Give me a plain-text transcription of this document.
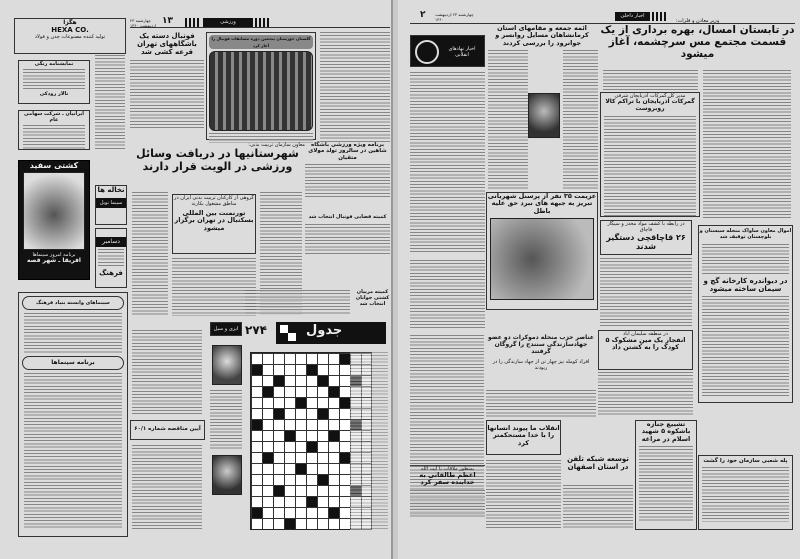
هگزا
HEXA CO.
تولید کننده مصنوعات چدن و فولاد
نمایشنامه رنگی
تالار رودکی
ایرانیان ـ شرکت سهامی عام
کشتی سفید
برنامه امروز سینماها
افریقا ـ شهر قصه
نخاله ها
سینما نوبل
دسامبر
فرهنگ
سینماهای وابسته بنیاد فرهنگ
برنامه سینماها
چهارشنبه ۲۳ اردیبهشت ۱۳۶۰ ۱۳	ورزشی
فوتبال دسته یک باشگاههای تهران قرعه کشی شد
گلستان خوزستان پنجمین دوره مسابقات فوتبال را آغاز کرد
معاون سازمان تربیت بدنی:
شهرستانیها در دریافت وسائل ورزشی در الویت قرار دارند
گروهی از کارکنان تربیت بدنی ایران در مناطق مشغول بکارند
تورنمنت بین المللی بسکتبال در تهران برگزار میشود
برنامه ویژه ورزشی باشگاه شاهین در سالروز تولد مولای متقیان
کمیته قضایی فوتبال انتخاب شد
کمیته مربیان کشتی جوانان انتخاب شد
جدول
۲۷۴
ایزی و سیل
آیین مناقصه شماره ۶۰/۱
۲ چهارشنبه ۲۳ اردیبهشت ۱۳۶۰
اخبار داخلی
اخبار نهادهای انقلابی
ائمه جمعه و مقامهای استان کرمانشاهان مسایل روانسر و جوانرود را بررسی کردند
وزیر معادن و فلزات:
در تابستان امسال، بهره برداری از یک قسمت مجتمع مس سرچشمه، آغاز میشود
مدیر کل گمرکات آذربایجان شرقی
گمرکات آذربایجان با تراکم کالا روبروست
عزیمت ۳۵ نفر از پرسنل شهربانی تبریز به جبهه های نبرد حق علیه باطل
در رابطه با کشف مواد مخدر و سیگار قاچاق
۲۶ قاچاقچی دستگیر شدند
اموال معاون ساواک منحله سیستان و بلوچستان توقیف شد
در دیواندره کارخانه گچ و سیمان ساخته میشود
عناصر حزب منحله دموکرات دو عضو جهادسازندگی سنندج را گروگان گرفتند
افراد کومله نیز چهار تن از جهاد سازندگی را در ربودند
در منطقه سلیمان آباد
انفجار یک مین مشکوک ۵ کودک را به کشتن داد
انقلاب ما پیوند انسانها را با خدا مستحکمتر کرد
توسعه شبکه تلفن در استان اصفهان
تشییع جنازه باشکوه ۵ شهید اسلام در مراغه
پله شعبی سازمان خود را گشت
بمنظور ملاقات با آیت الله
اعظم طالقانی به خدابنده سفر کرد
